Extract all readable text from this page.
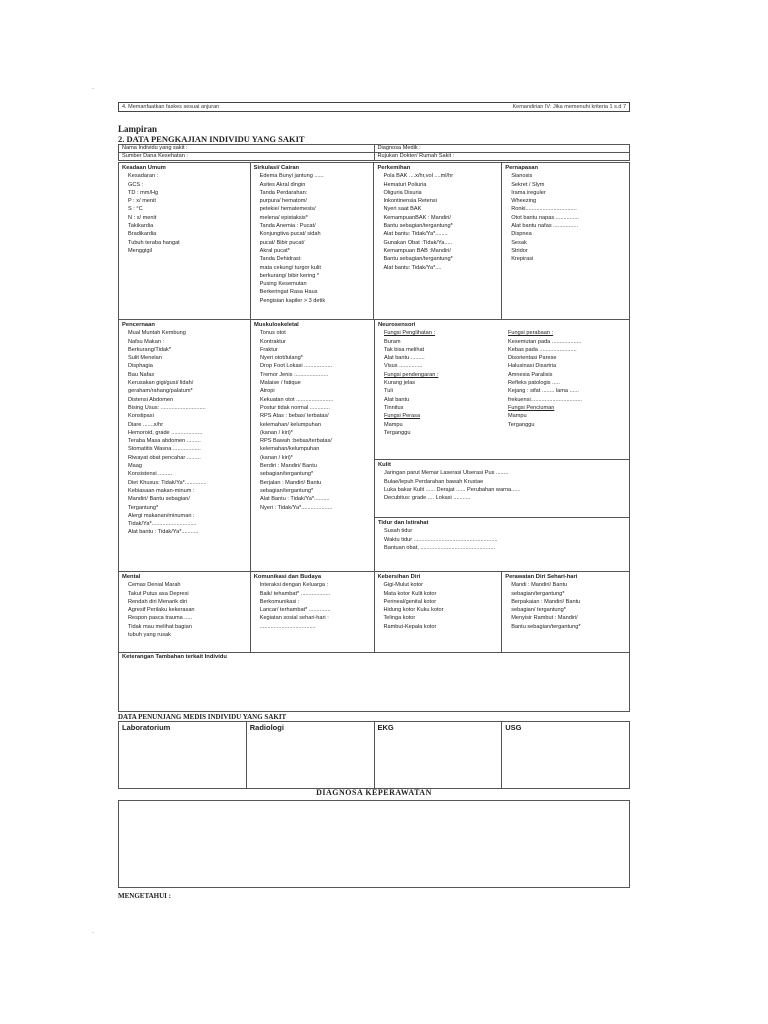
-
-
4. Memanfaatkan faskes sesuai anjuran	Kemandirian IV: Jika memenuhi kriteria 1 s.d 7
Lampiran
2. DATA PENGKAJIAN INDIVIDU YANG SAKIT
Nama Individu yang sakit :	Diagnosa Medik :
Sumber Dana Kesehatan :	Rujukan Dokter/ Rumah Sakit :
Keadaan Umum
Kesadaran :
GCS :
TD : mm/Hg
P : x/ menit
S : °C
N : x/ menit
Takikardia
Bradikardia
Tubuh teraba hangat
Menggigil

Sirkulasi/ Cairan
Edema Bunyi jantung ......
Asites Akral dingin
Tanda Perdarahan:
purpura/ hematom/
petekie/ hematemesis/
melena/ epistaksis*
Tanda Anemia : Pucat/
Konjungtiva pucat/ sidah
pucat/ Bibir pucat/
Akral pucat*
Tanda Dehidrasi:
mata cekung/ turgor kulit
berkurang/ bibir kering *
Pusing Kesemutan
Berkeringat Rasa Haus
Pengisian kapiler > 3 detik

Perkemihan
Pola BAK ....x/hr,vol ....ml/hr
Hematuri Poliuria
Oliguria Disuria
Inkontinensia Retensi
Nyeri saat BAK
KemampuanBAK : Mandiri/
Bantu sebagian/tergantung*
Alat bantu: Tidak/Ya*........
Gunakan Obat :Tidak/Ya.....
Kemampuan BAB :Mandiri/
Bantu sebagian/tergantung*
Alat bantu: Tidak/Ya*....

Pernapasan
Sianosis
Sekret / Slym
Irama ireguler
Wheezing
Ronki.................................
Otot bantu napas ...............
Alat bantu nafas ................
Dispnea
Sesak
Stridor
Krepirasi
Pencernaan
Mual Muntah Kembung
Nafsu Makan :
Berkurang/Tidak*
Sulit Menelan
Disphagia
Bau Nafas
Kerusakan gigi/gusi/ lidah/
geraham/rahang/palatum*
Distensi Abdomen
Bising Usus: .............................
Konstipasi
Diare .......x/hr
Hemoroid, grade ....................
Teraba Masa abdomen .........
Stomatitis Wasna ..................
Riwayat obat pencahar .........
Maag
Konsistensi .........
Diet Khusus: Tidak/Ya*..............
Kebiasaan makan-minum :
Mandiri/ Bantu sebagian/
Tergantung*
Alergi makanan/minuman :
Tidak/Ya*.............................
Alat bantu : Tidak/Ya*...........

Muskuloskeletal
Tonus otot
Kontraktur
Fraktur
Nyeri otot/tulang*
Drop Foot Lokasi ..................
Tremor Jenis ......................
Malaise / fatique
Atropi
Kekuatan otot ........................
Postur tidak normal .............
RPS Atas : bebas/ terbatas/
kelemahan/ kelumpuhan
(kanan / kiri)*
RPS Bawah :bebas/terbatas/
kelemahan/kelumpuhan
(kanan / kiri)*
Berdiri : Mandiri/ Bantu
sebagian/tergantung*
Berjalan : Mandiri/ Bantu
sebagian/tergantung*
Alat Bantu : Tidak/Ya*..........
Nyeri : Tidak/Ya*....................

Neurosensori
Fungsi Penglihatan :
Buram
Tak bisa melihat
Alat bantu .........
Visus ...............
Fungsi pendengaran :
Kurang jelas
Tuli
Alat bantu
Tinnitus
Fungsi Perasa
Mampu
Terganggu
Fungsi perabaan :
Kesemutan pada ...................
Kebas pada ........................
Disorientasi Parese
Halusinasi Disartria
Amnesia Paralisis
Refleks patologis .....
Kejang : sifat ........ lama ......
frekuensi.................................
Fungsi Penciuman
Mampu
Terganggu

Kulit
Jaringan parut Memar Laserasi Ulserasi Pus ........
Bulae/lepuh Perdarahan bawah Krustae
Luka bakar Kulit ...... Derajat ...... Perubahan warna......
Decubitus: grade .... Lokasi ...........

Tidur dan Istirahat
Susah tidur
Waktu tidur ......................................................
Bantuan obat, ................................................
Mental
Cemas Denial Marah
Takut Putus asa Depresi
Rendah diri Menarik diri
Agresif Perilaku kekerasan
Respon pasca trauma .....
Tidak mau melihat bagian
tubuh yang rusak

Komunikasi dan Budaya
Interaksi dengan Keluarga :
Baik/ tehambat* ...................
Berkomunikasi :
Lancar/ terhambat* ..............
Kegiatan sosial sehari-hari :
....................................

Kebersihan Diri
Gigi-Mulut kotor
Mata kotor Kulit kotor
Perineal/genital kotor
Hidung kotor Kuku kotor
Telinga kotor
Rambut-Kepala kotor

Perawatan Diri Sehari-hari
Mandi : Mandiri/ Bantu
sebagian/tergantung*
Berpakaian : Mandiri/ Bantu
sebagian/ tergantung*
Menyisir Rambut : Mandiri/
Bantu sebagian/tergantung*
Keterangan Tambahan terkait Individu
DATA PENUNJANG MEDIS INDIVIDU YANG SAKIT
Laboratorium	Radiologi	EKG	USG
DIAGNOSA KEPERAWATAN
MENGETAHUI :
